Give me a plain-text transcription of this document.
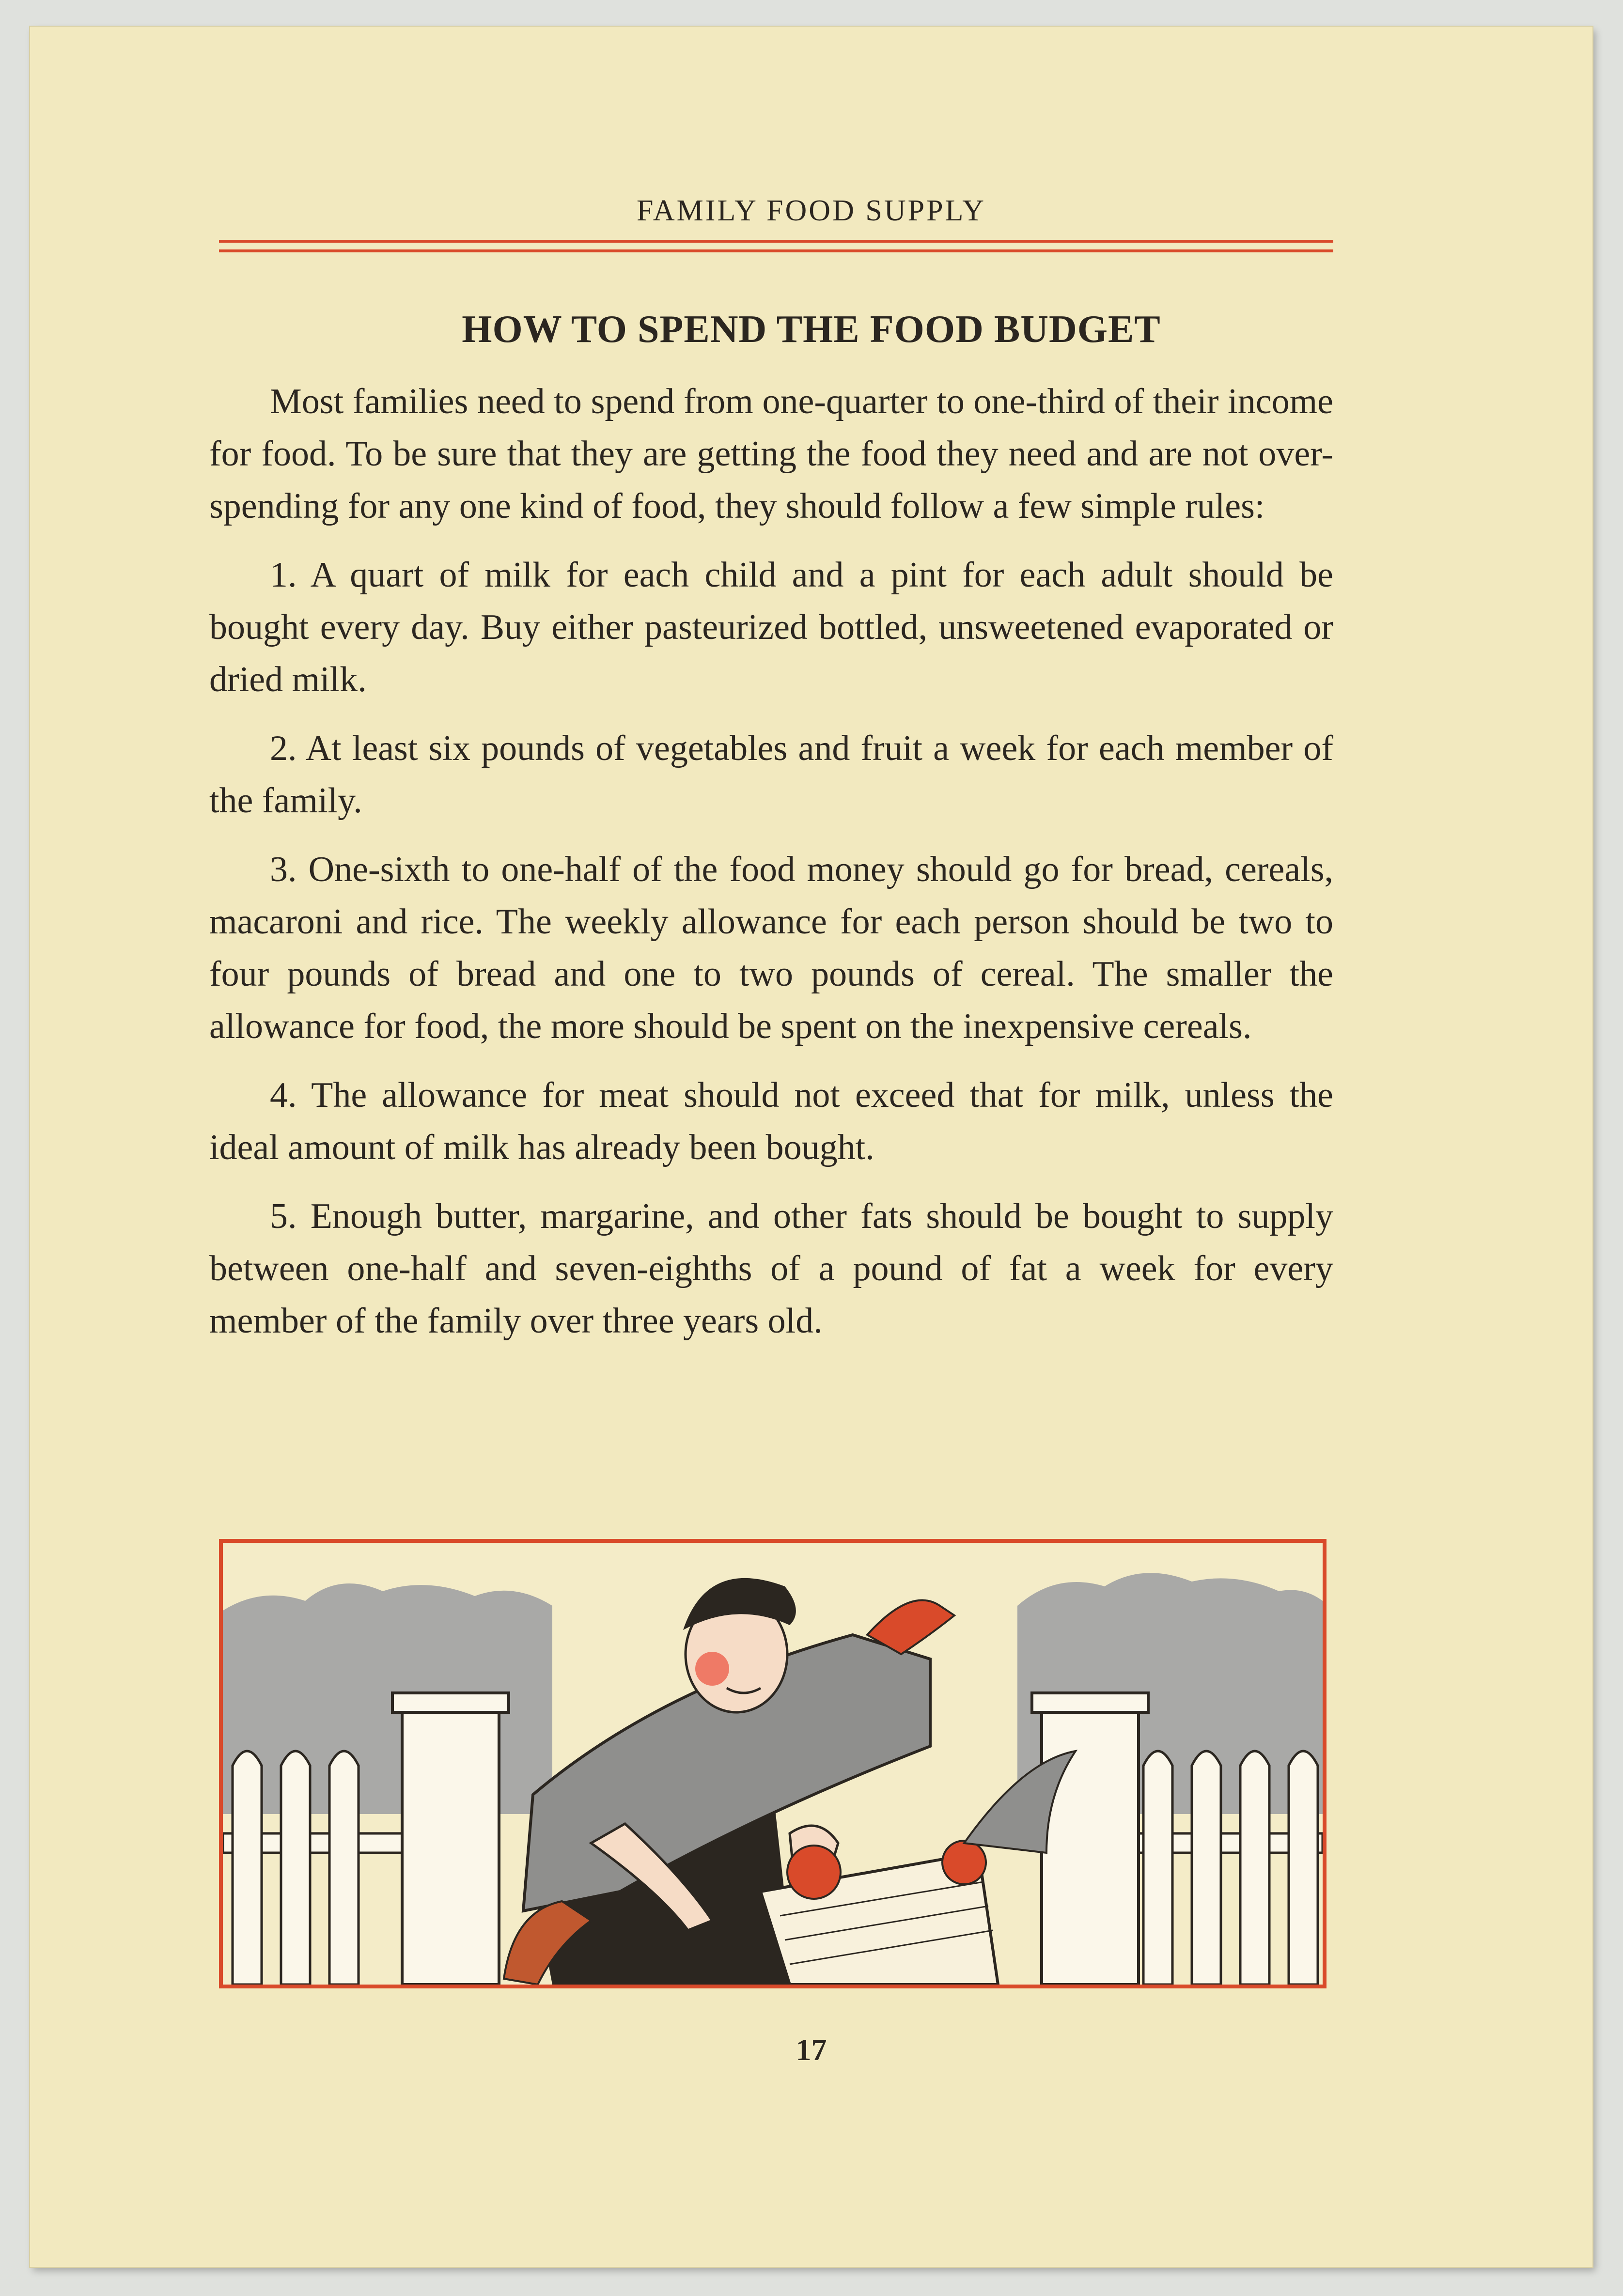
FAMILY FOOD SUPPLY
HOW TO SPEND THE FOOD BUDGET

Most families need to spend from one-quarter to one-third of their income for food. To be sure that they are getting the food they need and are not over-spending for any one kind of food, they should follow a few simple rules:

1. A quart of milk for each child and a pint for each adult should be bought every day. Buy either pasteurized bottled, unsweetened evaporated or dried milk.

2. At least six pounds of vegetables and fruit a week for each member of the family.

3. One-sixth to one-half of the food money should go for bread, cereals, macaroni and rice. The weekly allowance for each person should be two to four pounds of bread and one to two pounds of cereal. The smaller the allowance for food, the more should be spent on the inexpensive cereals.

4. The allowance for meat should not exceed that for milk, unless the ideal amount of milk has already been bought.

5. Enough butter, margarine, and other fats should be bought to supply between one-half and seven-eighths of a pound of fat a week for every member of the family over three years old.

17
